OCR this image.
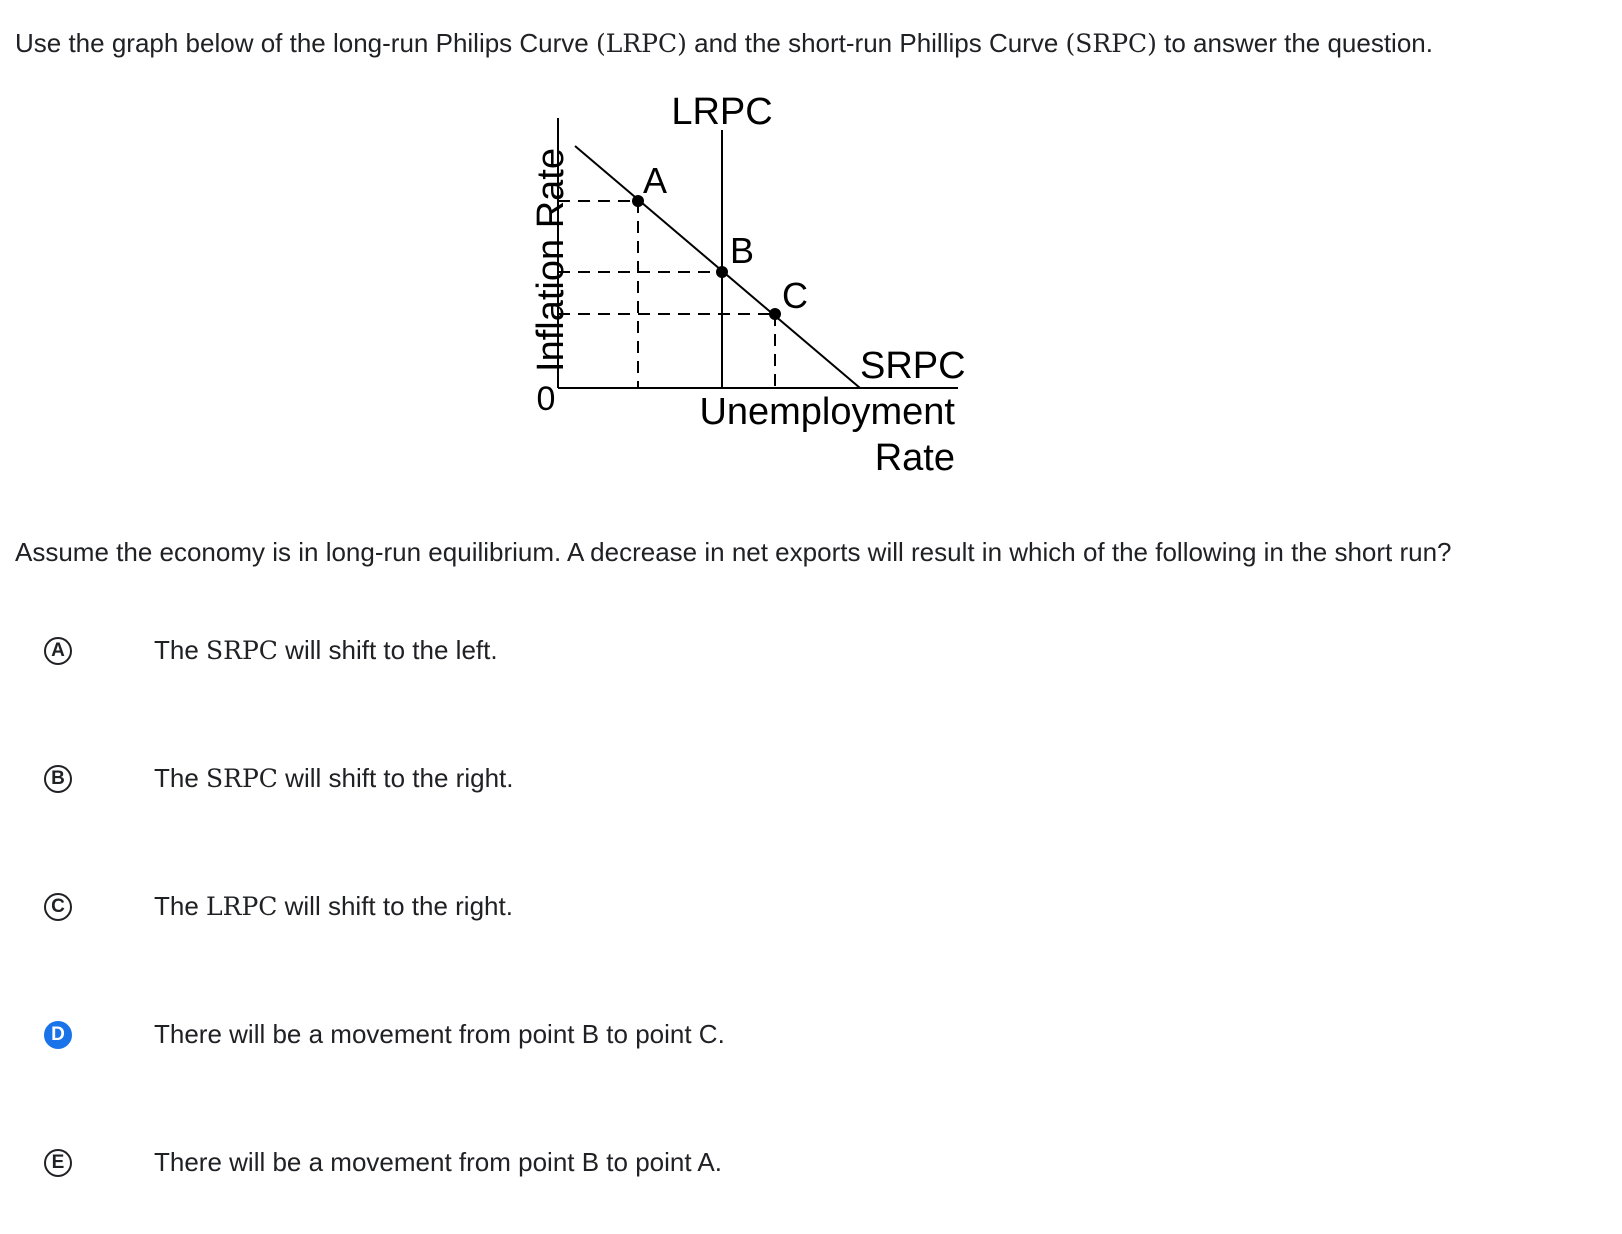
Use the graph below of the long-run Philips Curve (LRPC) and the short-run Phillips Curve (SRPC) to answer the question.
LRPC
A
B
C
SRPC
0	Unemployment
Rate
Inflation Rate
Assume the economy is in long-run equilibrium. A decrease in net exports will result in which of the following in the short run?
A	The SRPC will shift to the left.
B	The SRPC will shift to the right.
C	The LRPC will shift to the right.
D	There will be a movement from point B to point C.
E	There will be a movement from point B to point A.
